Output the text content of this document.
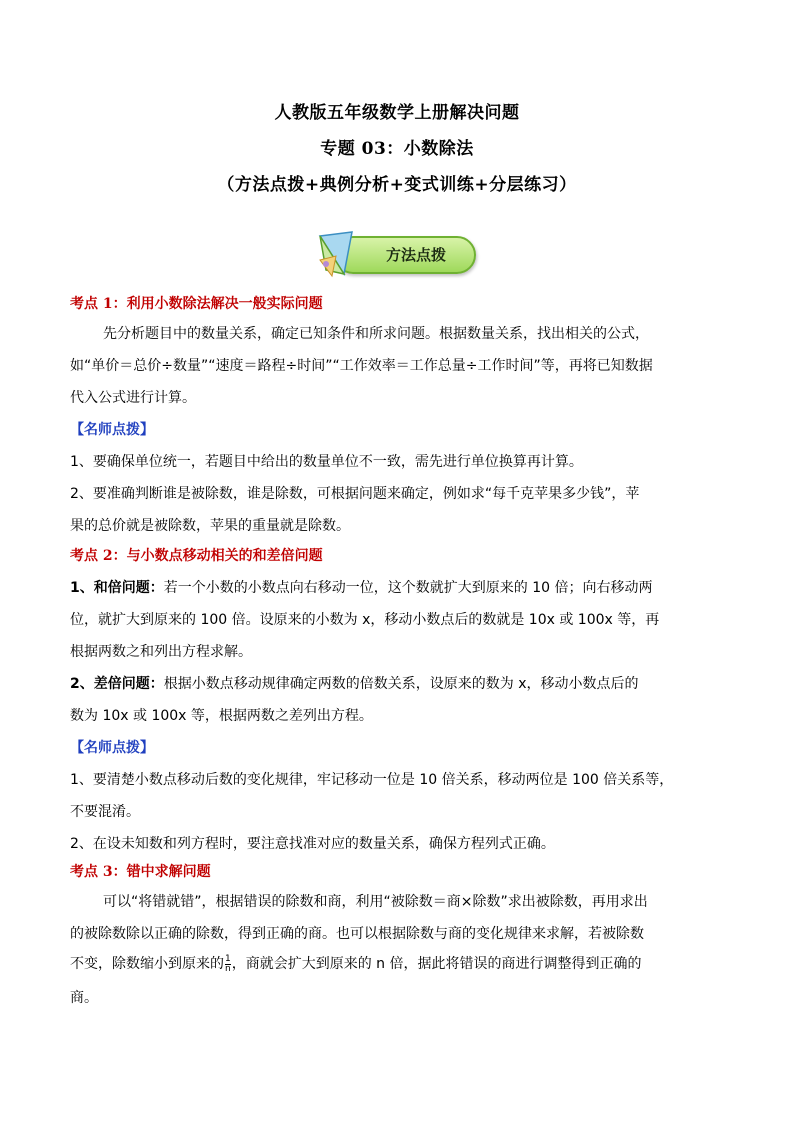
人教版五年级数学上册解决问题
专题 03：小数除法
（方法点拨+典例分析+变式训练+分层练习）
方法点拨
考点 1：利用小数除法解决一般实际问题
先分析题目中的数量关系，确定已知条件和所求问题。根据数量关系，找出相关的公式，
如“单价＝总价÷数量”“速度＝路程÷时间”“工作效率＝工作总量÷工作时间”等，再将已知数据
代入公式进行计算。
【名师点拨】
1、要确保单位统一，若题目中给出的数量单位不一致，需先进行单位换算再计算。
2、要准确判断谁是被除数，谁是除数，可根据问题来确定，例如求“每千克苹果多少钱”，苹
果的总价就是被除数，苹果的重量就是除数。
考点 2：与小数点移动相关的和差倍问题
1、和倍问题：若一个小数的小数点向右移动一位，这个数就扩大到原来的 10 倍；向右移动两
位，就扩大到原来的 100 倍。设原来的小数为 x，移动小数点后的数就是 10x 或 100x 等，再
根据两数之和列出方程求解。
2、差倍问题：根据小数点移动规律确定两数的倍数关系，设原来的数为 x，移动小数点后的
数为 10x 或 100x 等，根据两数之差列出方程。
【名师点拨】
1、要清楚小数点移动后数的变化规律，牢记移动一位是 10 倍关系，移动两位是 100 倍关系等，
不要混淆。
2、在设未知数和列方程时，要注意找准对应的数量关系，确保方程列式正确。
考点 3：错中求解问题
可以“将错就错”，根据错误的除数和商，利用“被除数＝商×除数”求出被除数，再用求出
的被除数除以正确的除数，得到正确的商。也可以根据除数与商的变化规律来求解，若被除数
不变，除数缩小到原来的 $\frac{1}{n}$ ，商就会扩大到原来的 n 倍，据此将错误的商进行调整得到正确的
商。
